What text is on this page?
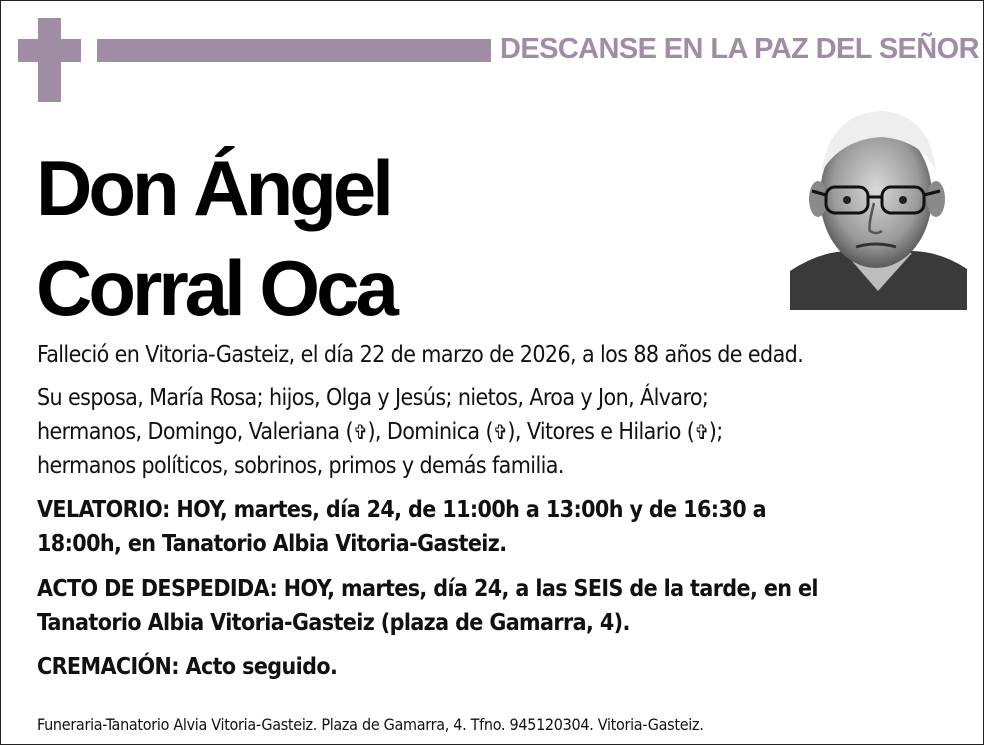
DESCANSE EN LA PAZ DEL SEÑOR
Don Ángel
Corral Oca
Falleció en Vitoria-Gasteiz, el día 22 de marzo de 2026, a los 88 años de edad.
Su esposa, María Rosa; hijos, Olga y Jesús; nietos, Aroa y Jon, Álvaro;
hermanos, Domingo, Valeriana (✞), Dominica (✞), Vitores e Hilario (✞);
hermanos políticos, sobrinos, primos y demás familia.
VELATORIO: HOY, martes, día 24, de 11:00h a 13:00h y de 16:30 a
18:00h, en Tanatorio Albia Vitoria-Gasteiz.
ACTO DE DESPEDIDA: HOY, martes, día 24, a las SEIS de la tarde, en el
Tanatorio Albia Vitoria-Gasteiz (plaza de Gamarra, 4).
CREMACIÓN: Acto seguido.
Funeraria-Tanatorio Alvia Vitoria-Gasteiz. Plaza de Gamarra, 4. Tfno. 945120304. Vitoria-Gasteiz.
